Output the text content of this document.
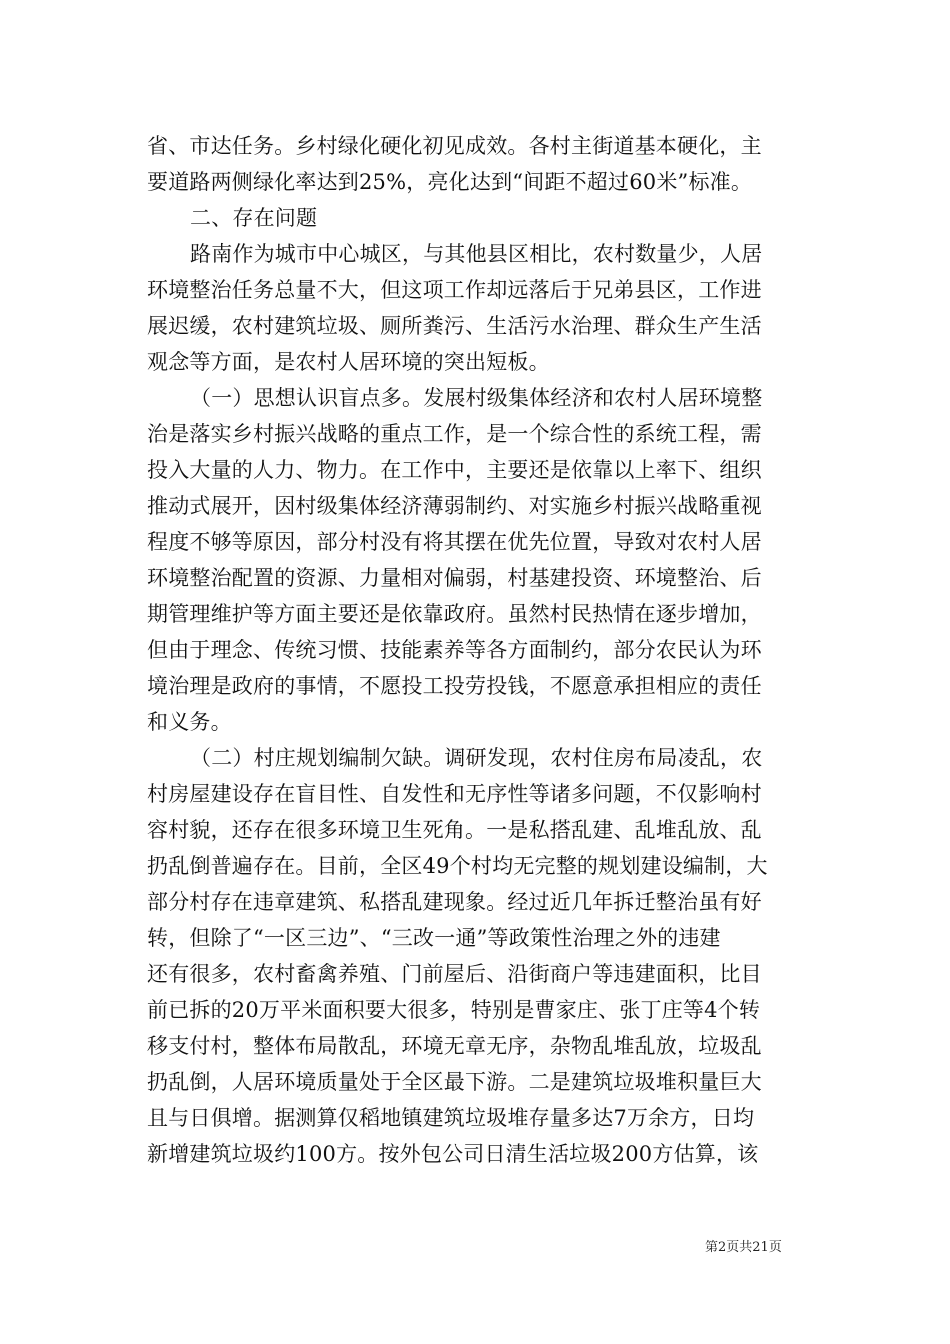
省、市达任务。乡村绿化硬化初见成效。各村主街道基本硬化，主
要道路两侧绿化率达到25%，亮化达到“间距不超过60米”标准。
二、存在问题
路南作为城市中心城区，与其他县区相比，农村数量少，人居
环境整治任务总量不大，但这项工作却远落后于兄弟县区，工作进
展迟缓，农村建筑垃圾、厕所粪污、生活污水治理、群众生产生活
观念等方面，是农村人居环境的突出短板。
（一）思想认识盲点多。发展村级集体经济和农村人居环境整
治是落实乡村振兴战略的重点工作，是一个综合性的系统工程，需
投入大量的人力、物力。在工作中，主要还是依靠以上率下、组织
推动式展开，因村级集体经济薄弱制约、对实施乡村振兴战略重视
程度不够等原因，部分村没有将其摆在优先位置，导致对农村人居
环境整治配置的资源、力量相对偏弱，村基建投资、环境整治、后
期管理维护等方面主要还是依靠政府。虽然村民热情在逐步增加，
但由于理念、传统习惯、技能素养等各方面制约，部分农民认为环
境治理是政府的事情，不愿投工投劳投钱，不愿意承担相应的责任
和义务。
（二）村庄规划编制欠缺。调研发现，农村住房布局凌乱，农
村房屋建设存在盲目性、自发性和无序性等诸多问题，不仅影响村
容村貌，还存在很多环境卫生死角。一是私搭乱建、乱堆乱放、乱
扔乱倒普遍存在。目前，全区49个村均无完整的规划建设编制，大
部分村存在违章建筑、私搭乱建现象。经过近几年拆迁整治虽有好
转，但除了“一区三边”、“三改一通”等政策性治理之外的违建
还有很多，农村畜禽养殖、门前屋后、沿街商户等违建面积，比目
前已拆的20万平米面积要大很多，特别是曹家庄、张丁庄等4个转
移支付村，整体布局散乱，环境无章无序，杂物乱堆乱放，垃圾乱
扔乱倒，人居环境质量处于全区最下游。二是建筑垃圾堆积量巨大
且与日俱增。据测算仅稻地镇建筑垃圾堆存量多达7万余方，日均
新增建筑垃圾约100方。按外包公司日清生活垃圾200方估算，该
第2页共21页
